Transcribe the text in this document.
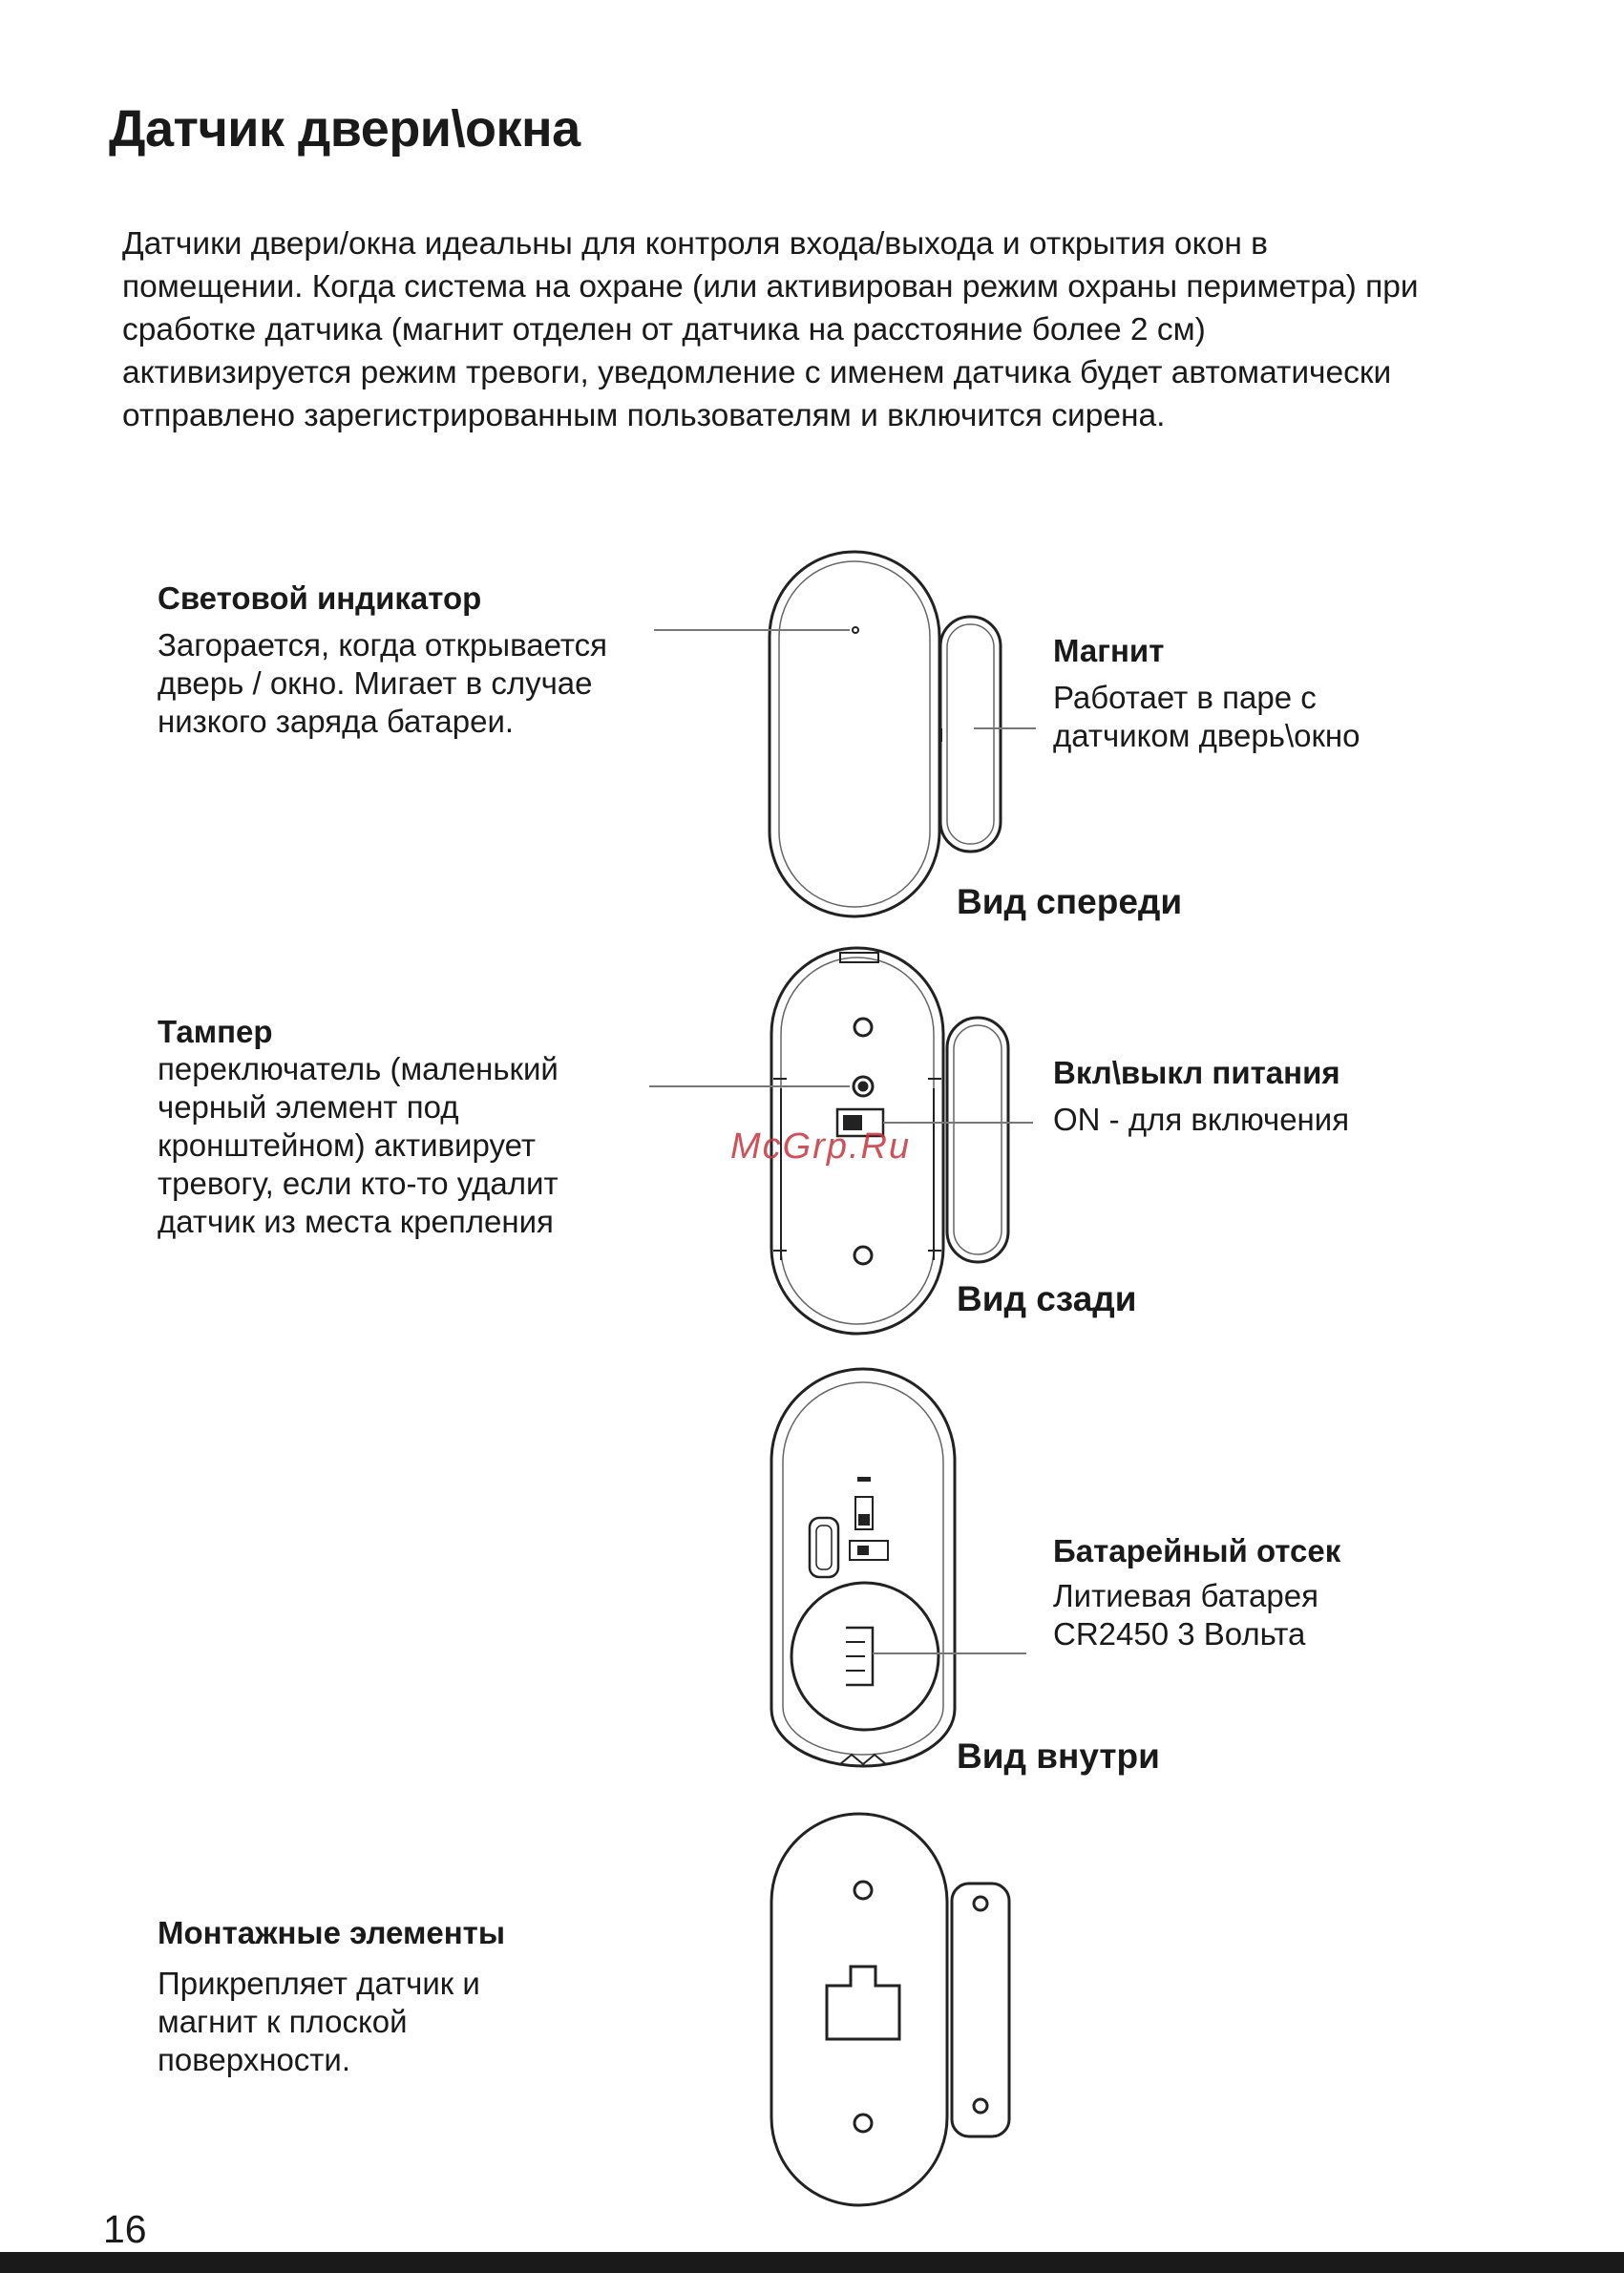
Датчик двери\окна

Датчики двери/окна идеальны для контроля входа/выхода и открытия окон в помещении. Когда система на охране (или активирован режим охраны периметра) при сработке датчика (магнит отделен от датчика на расстояние более 2 см) активизируется режим тревоги, уведомление с именем датчика будет автоматически отправлено зарегистрированным пользователям и включится сирена.

Световой индикатор

Загорается, когда открывается
дверь / окно. Мигает в случае
низкого заряда батареи.

Магнит

Работает в паре с
датчиком дверь\окно

Вид спереди

Тампер

переключатель (маленький
черный элемент под
кронштейном) активирует
тревогу, если кто-то удалит
датчик из места крепления

Вкл\выкл питания

ON - для включения

Вид сзади

McGrp.Ru

Батарейный отсек

Литиевая батарея
CR2450 3 Вольта

Вид внутри

Монтажные элементы

Прикрепляет датчик и
магнит к плоской
поверхности.

16
